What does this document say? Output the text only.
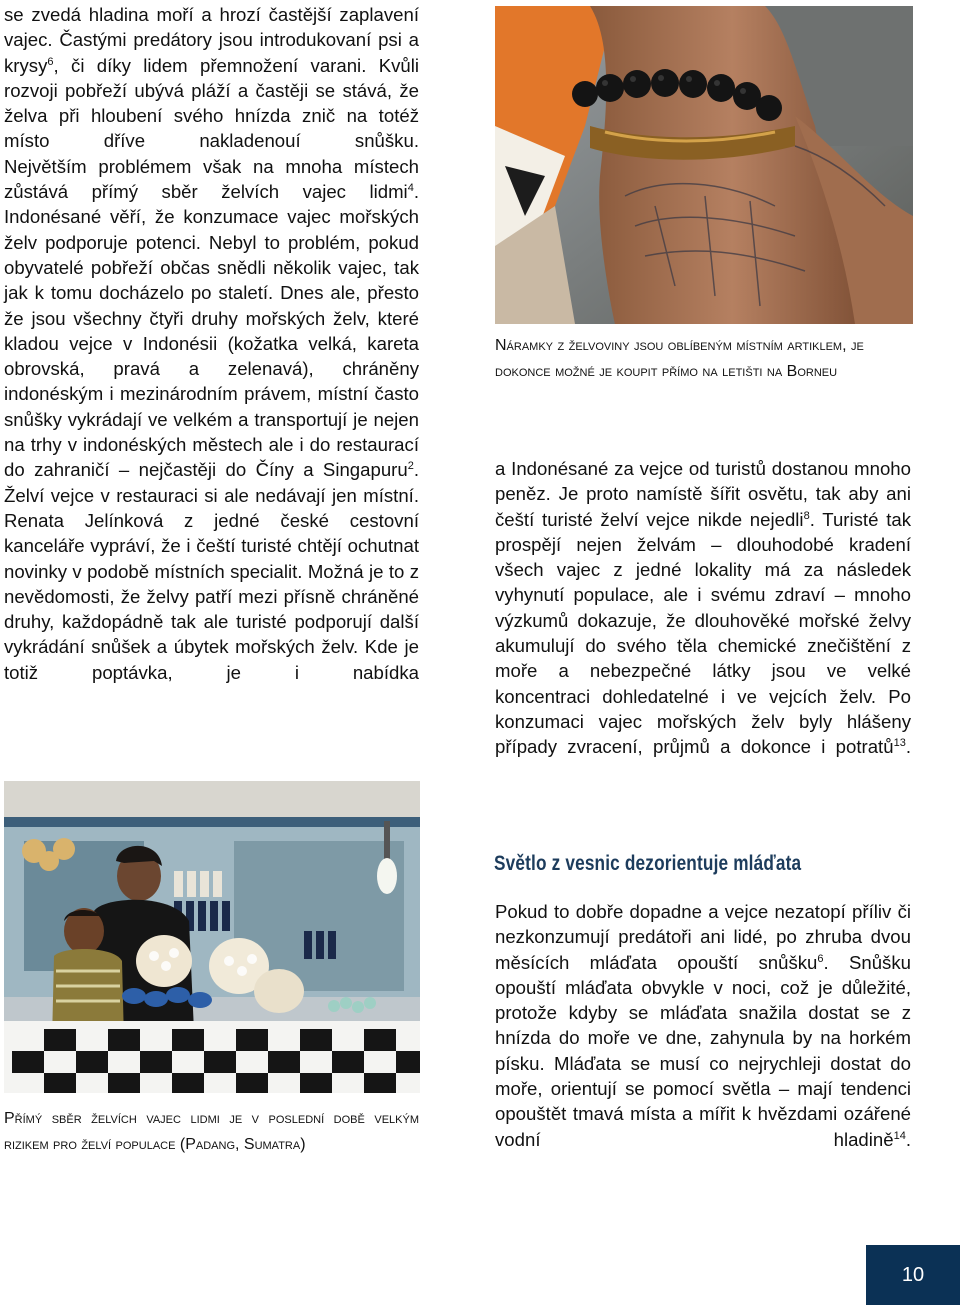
se zvedá hladina moří a hrozí častější zaplavení vajec. Častými predátory jsou introdukovaní psi a krysy$^6$, či díky lidem přemnožení varani. Kvůli rozvoji pobřeží ubývá pláží a častěji se stává, že želva při hloubení svého hnízda znič na totéž místo dříve nakladenouí snůšku.

Největším problémem však na mnoha místech zůstává přímý sběr želvích vajec lidmi$^4$. Indonésané věří, že konzumace vajec mořských želv podporuje potenci. Nebyl to problém, pokud obyvatelé pobřeží občas snědli několik vajec, tak jak k tomu docházelo po staletí. Dnes ale, přesto že jsou všechny čtyři druhy mořských želv, které kladou vejce v Indonésii (kožatka velká, kareta obrovská, pravá a zelenavá), chráněny indonéským i mezinárodním právem, místní často snůšky vykrádají ve velkém a transportují je nejen na trhy v indonéských městech ale i do restaurací do zahraničí – nejčastěji do Číny a Singapuru$^2$. Želví vejce v restauraci si ale nedávají jen místní. Renata Jelínková z jedné české cestovní kanceláře vypráví, že i čeští turisté chtějí ochutnat novinky v podobě místních specialit. Možná je to z nevědomosti, že želvy patří mezi přísně chráněné druhy, každopádně tak ale turisté podporují další vykrádání snůšek a úbytek mořských želv. Kde je totiž poptávka, je i nabídka

Náramky z želvoviny jsou oblíbeným místním artiklem, je dokonce možné je koupit přímo na letišti na Borneu

a Indonésané za vejce od turistů dostanou mnoho peněz. Je proto namístě šířit osvětu, tak aby ani čeští turisté želví vejce nikde nejedli$^8$. Turisté tak prospějí nejen želvám – dlouhodobé kradení všech vajec z jedné lokality má za následek vyhynutí populace, ale i svému zdraví – mnoho výzkumů dokazuje, že dlouhověké mořské želvy akumulují do svého těla chemické znečištění z moře a nebezpečné látky jsou ve velké koncentraci dohledatelné i ve vejcích želv. Po konzumaci vajec mořských želv byly hlášeny případy zvracení, průjmů a dokonce i potratů$^{13}$.

Světlo z vesnic dezorientuje mláďata

Pokud to dobře dopadne a vejce nezatopí příliv či nezkonzumují predátoři ani lidé, po zhruba dvou měsících mláďata opouští snůšku$^6$. Snůšku opouští mláďata obvykle v noci, což je důležité, protože kdyby se mláďata snažila dostat se z hnízda do moře ve dne, zahynula by na horkém písku. Mláďata se musí co nejrychleji dostat do moře, orientují se pomocí světla – mají tendenci opouštět tmavá místa a mířit k hvězdami ozářené vodní hladině$^{14}$.

Přímý sběr želvích vajec lidmi je v poslední době velkým rizikem pro želví populace (Padang, Sumatra)

10
